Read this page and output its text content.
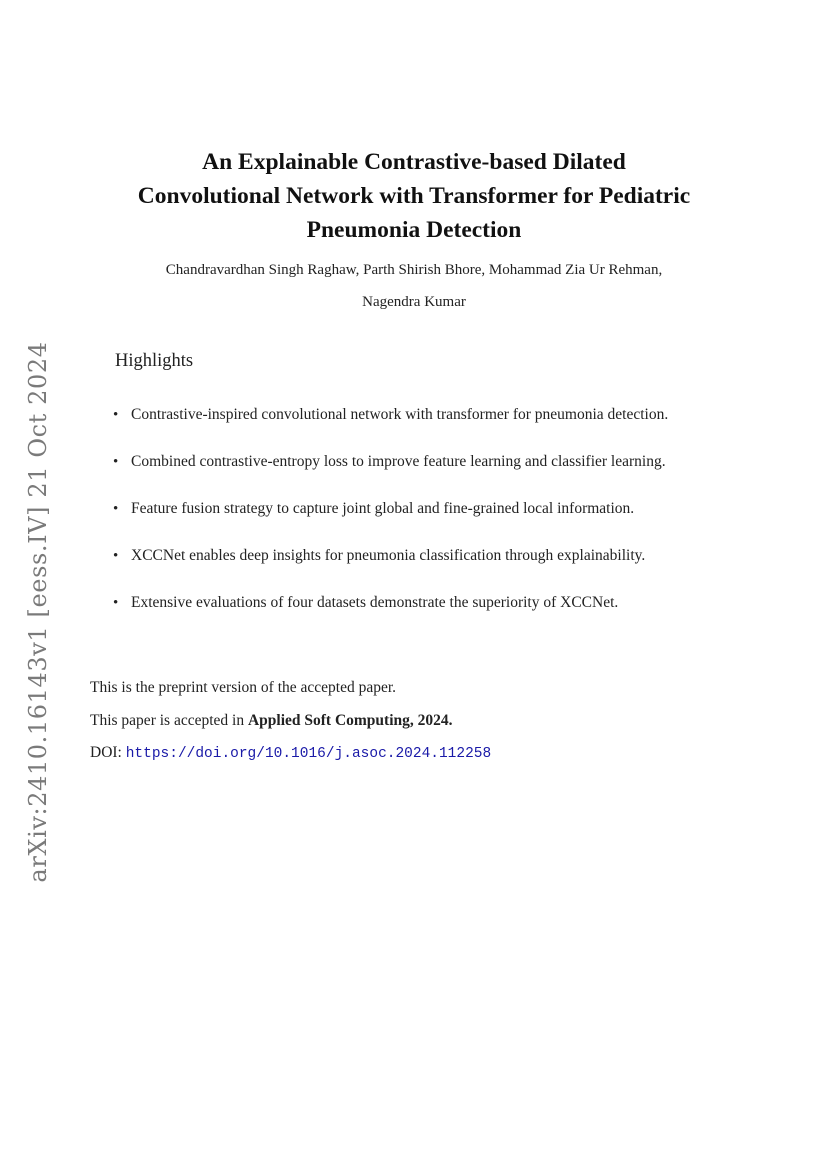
arXiv:2410.16143v1 [eess.IV] 21 Oct 2024
An Explainable Contrastive-based Dilated
Convolutional Network with Transformer for Pediatric
Pneumonia Detection
Chandravardhan Singh Raghaw, Parth Shirish Bhore, Mohammad Zia Ur Rehman,
Nagendra Kumar
Highlights
• Contrastive-inspired convolutional network with transformer for pneumonia detection.
• Combined contrastive-entropy loss to improve feature learning and classifier learning.
• Feature fusion strategy to capture joint global and fine-grained local information.
• XCCNet enables deep insights for pneumonia classification through explainability.
• Extensive evaluations of four datasets demonstrate the superiority of XCCNet.
This is the preprint version of the accepted paper.
This paper is accepted in Applied Soft Computing, 2024.
DOI: https://doi.org/10.1016/j.asoc.2024.112258
